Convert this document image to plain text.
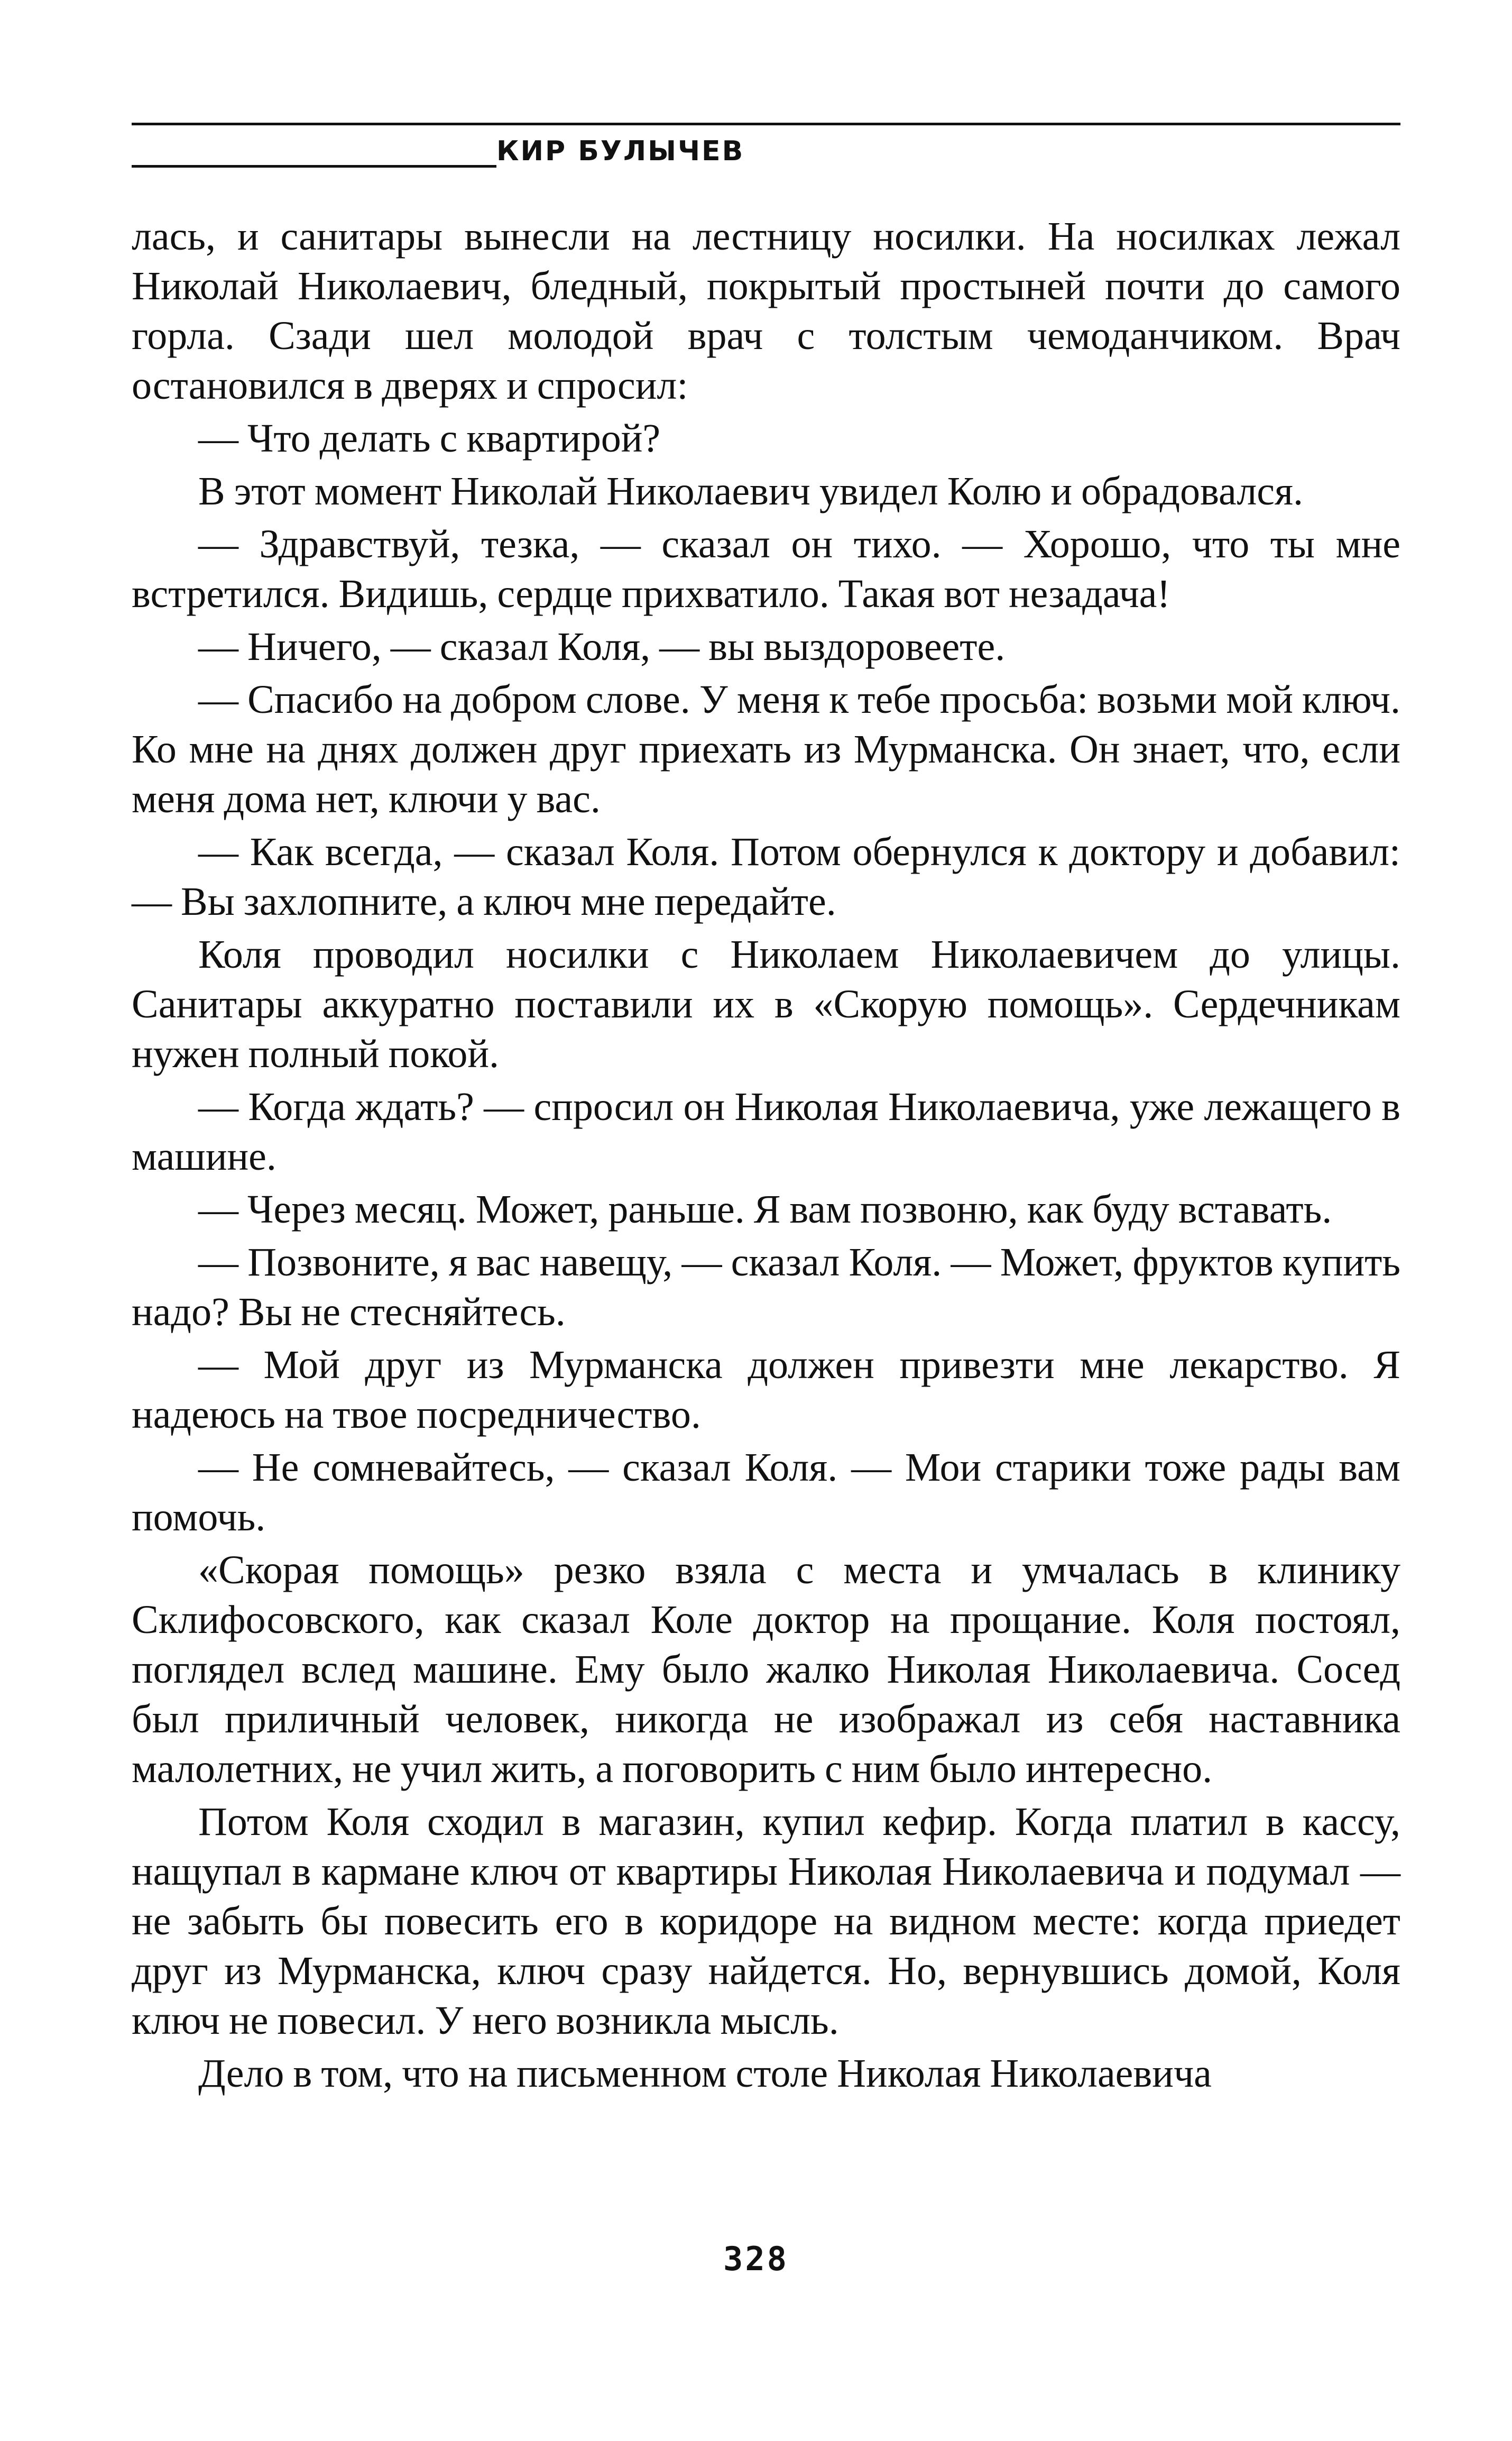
КИР БУЛЫЧЕВ

лась, и санитары вынесли на лестницу носилки. На носилках лежал Николай Николаевич, бледный, покрытый простыней почти до самого горла. Сзади шел молодой врач с толстым чемоданчиком. Врач остановился в дверях и спросил:

— Что делать с квартирой?

В этот момент Николай Николаевич увидел Колю и обрадовался.

— Здравствуй, тезка, — сказал он тихо. — Хорошо, что ты мне встретился. Видишь, сердце прихватило. Такая вот незадача!

— Ничего, — сказал Коля, — вы выздоровеете.

— Спасибо на добром слове. У меня к тебе просьба: возьми мой ключ. Ко мне на днях должен друг приехать из Мурманска. Он знает, что, если меня дома нет, ключи у вас.

— Как всегда, — сказал Коля. Потом обернулся к доктору и добавил: — Вы захлопните, а ключ мне передайте.

Коля проводил носилки с Николаем Николаевичем до улицы. Санитары аккуратно поставили их в «Скорую помощь». Сердечникам нужен полный покой.

— Когда ждать? — спросил он Николая Николаевича, уже лежащего в машине.

— Через месяц. Может, раньше. Я вам позвоню, как буду вставать.

— Позвоните, я вас навещу, — сказал Коля. — Может, фруктов купить надо? Вы не стесняйтесь.

— Мой друг из Мурманска должен привезти мне лекарство. Я надеюсь на твое посредничество.

— Не сомневайтесь, — сказал Коля. — Мои старики тоже рады вам помочь.

«Скорая помощь» резко взяла с места и умчалась в клинику Склифосовского, как сказал Коле доктор на прощание. Коля постоял, поглядел вслед машине. Ему было жалко Николая Николаевича. Сосед был приличный человек, никогда не изображал из себя наставника малолетних, не учил жить, а поговорить с ним было интересно.

Потом Коля сходил в магазин, купил кефир. Когда платил в кассу, нащупал в кармане ключ от квартиры Николая Николаевича и подумал — не забыть бы повесить его в коридоре на видном месте: когда приедет друг из Мурманска, ключ сразу найдется. Но, вернувшись домой, Коля ключ не повесил. У него возникла мысль.

Дело в том, что на письменном столе Николая Николаевича

328
